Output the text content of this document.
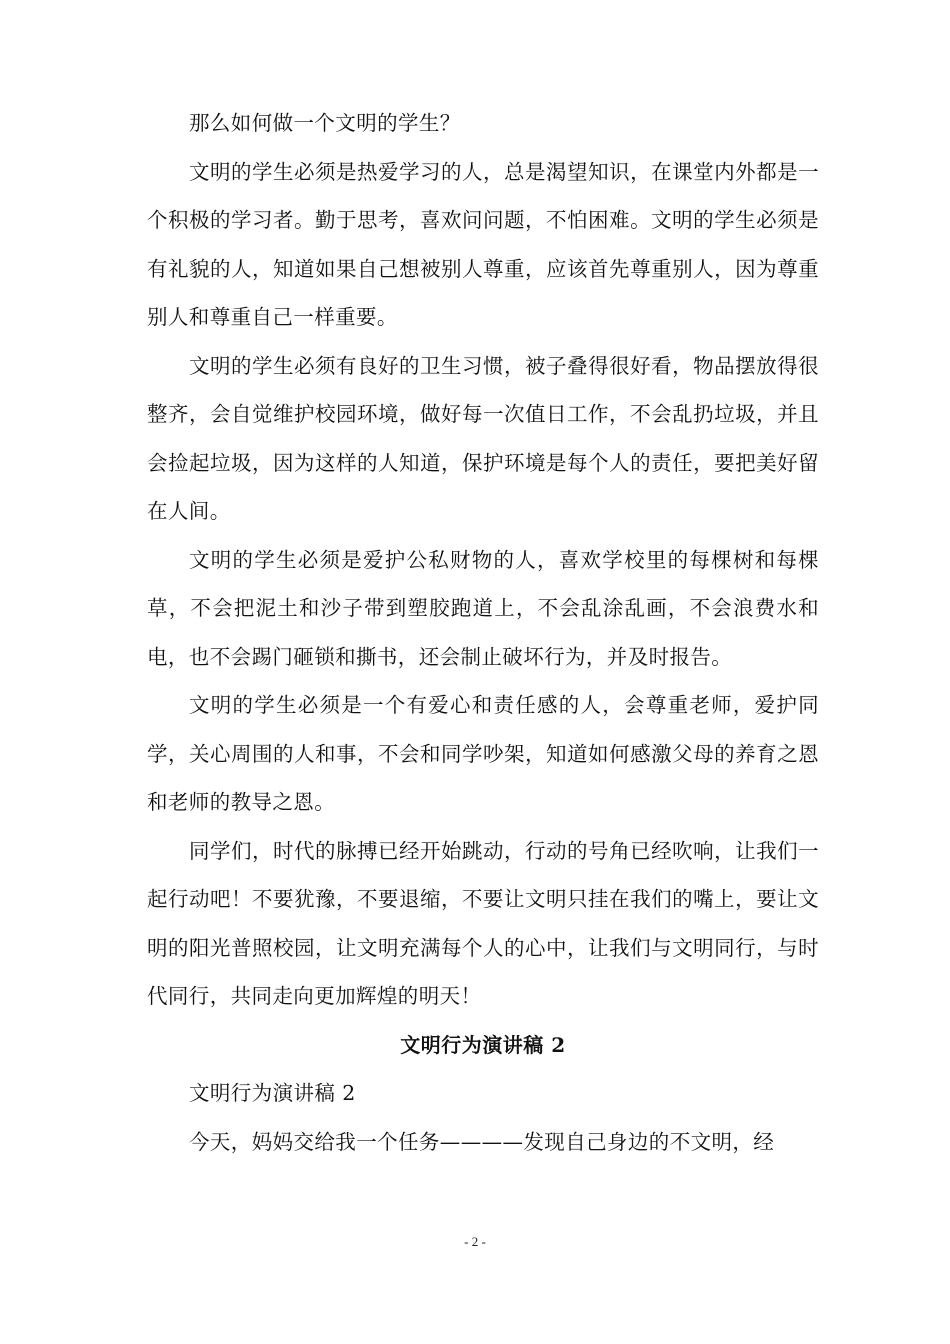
那么如何做一个文明的学生？

文明的学生必须是热爱学习的人，总是渴望知识，在课堂内外都是一个积极的学习者。勤于思考，喜欢问问题，不怕困难。文明的学生必须是有礼貌的人，知道如果自己想被别人尊重，应该首先尊重别人，因为尊重别人和尊重自己一样重要。

文明的学生必须有良好的卫生习惯，被子叠得很好看，物品摆放得很整齐，会自觉维护校园环境，做好每一次值日工作，不会乱扔垃圾，并且会捡起垃圾，因为这样的人知道，保护环境是每个人的责任，要把美好留在人间。

文明的学生必须是爱护公私财物的人，喜欢学校里的每棵树和每棵草，不会把泥土和沙子带到塑胶跑道上，不会乱涂乱画，不会浪费水和电，也不会踢门砸锁和撕书，还会制止破坏行为，并及时报告。

文明的学生必须是一个有爱心和责任感的人，会尊重老师，爱护同学，关心周围的人和事，不会和同学吵架，知道如何感激父母的养育之恩和老师的教导之恩。

同学们，时代的脉搏已经开始跳动，行动的号角已经吹响，让我们一起行动吧！不要犹豫，不要退缩，不要让文明只挂在我们的嘴上，要让文明的阳光普照校园，让文明充满每个人的心中，让我们与文明同行，与时代同行，共同走向更加辉煌的明天！

文明行为演讲稿 2

文明行为演讲稿 2

今天，妈妈交给我一个任务————发现自己身边的不文明，经

- 2 -
